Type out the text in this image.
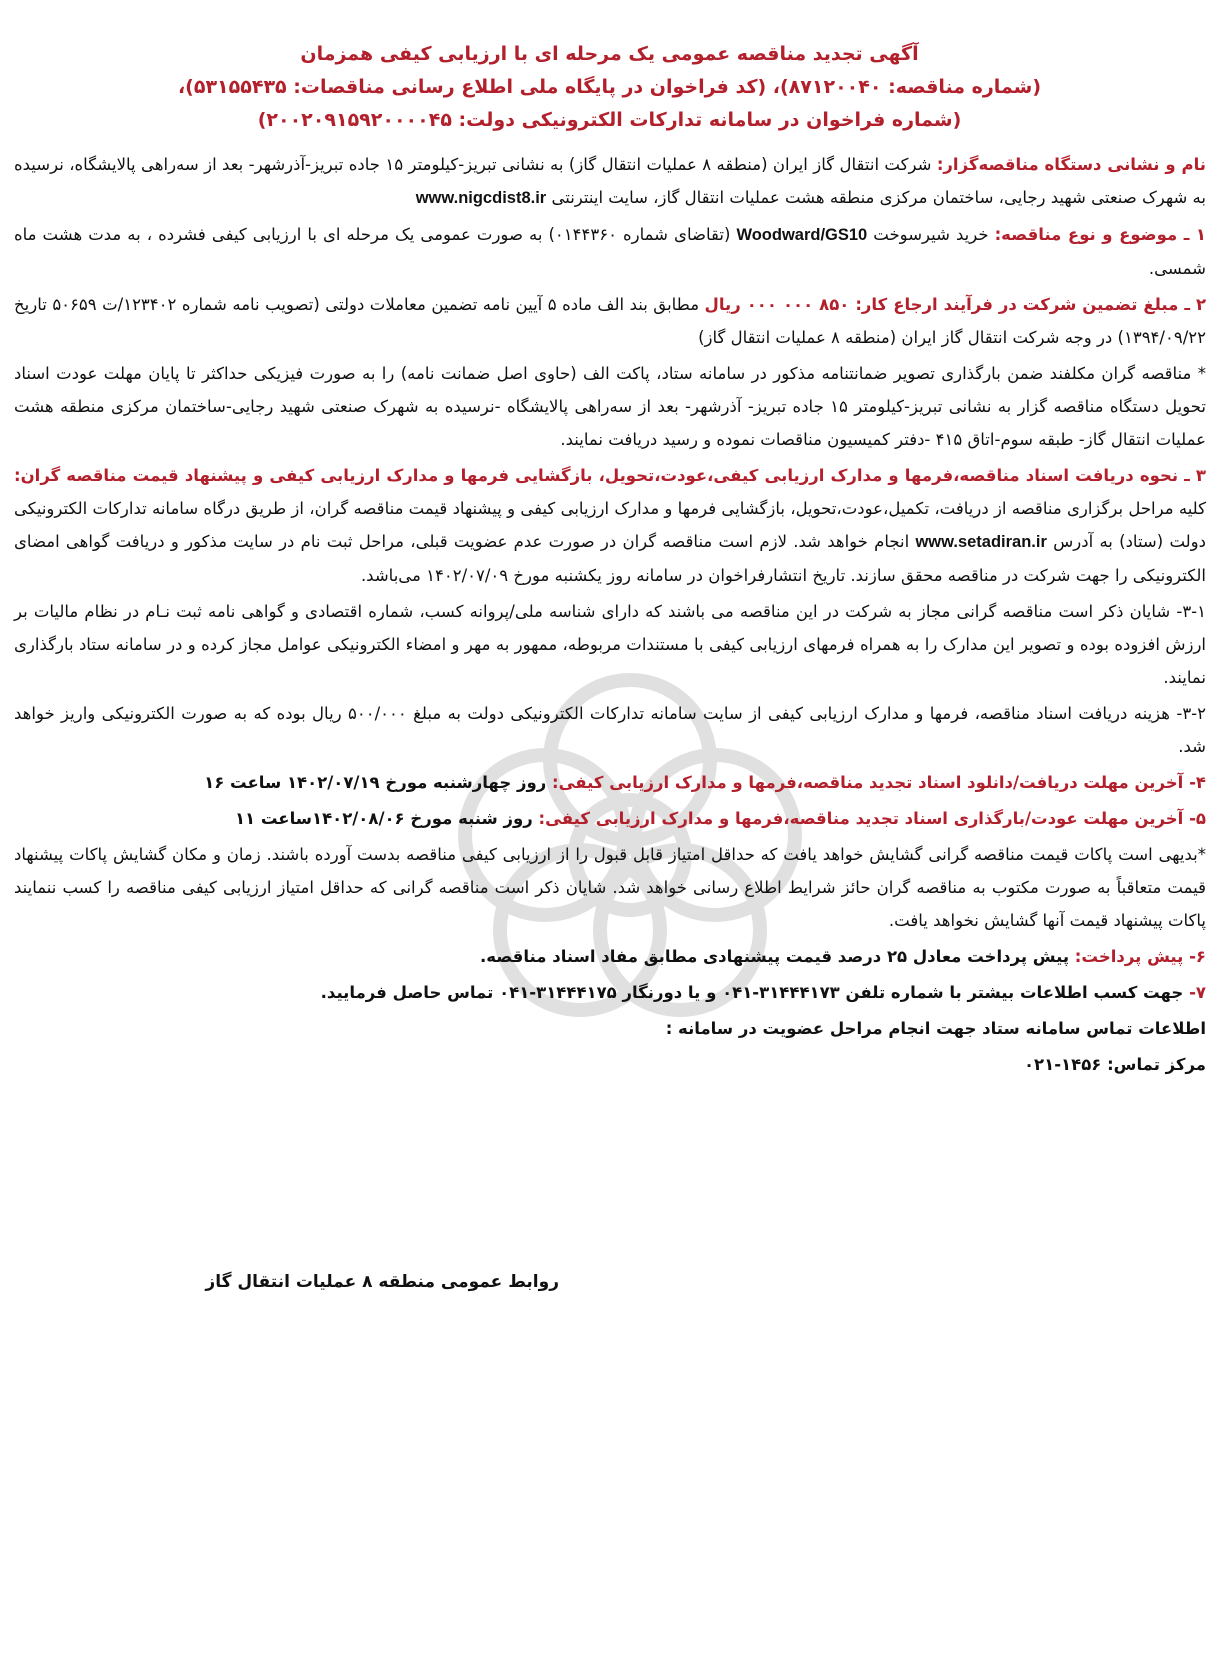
آگهی تجدید مناقصه عمومی یک مرحله ای با ارزیابی کیفی همزمان
(شماره مناقصه: ۸۷۱۲۰۰۴۰)، (کد فراخوان در پایگاه ملی اطلاع رسانی مناقصات: ۵۳۱۵۵۴۳۵)،
(شماره فراخوان در سامانه تدارکات الکترونیکی دولت: ۲۰۰۲۰۹۱۵۹۲۰۰۰۰۴۵)

نام و نشانی دستگاه مناقصه‌گزار: شرکت انتقال گاز ایران (منطقه ۸ عملیات انتقال گاز) به نشانی تبریز-کیلومتر ۱۵ جاده تبریز-آذرشهر- بعد از سه‌راهی پالایشگاه، نرسیده به شهرک صنعتی شهید رجایی، ساختمان مرکزی منطقه هشت عملیات انتقال گاز، سایت اینترنتی www.nigcdist8.ir

۱ ـ موضوع و نوع مناقصه: خرید شیرسوخت Woodward/GS10 (تقاضای شماره ۰۱۴۴۳۶۰) به صورت عمومی یک مرحله ای با ارزیابی کیفی فشرده ، به مدت هشت ماه شمسی.

۲ ـ مبلغ تضمین شرکت در فرآیند ارجاع کار: ۸۵۰ ۰۰۰ ۰۰۰ ریال مطابق بند الف ماده ۵ آیین نامه تضمین معاملات دولتی (تصویب نامه شماره ۱۲۳۴۰۲/ت ۵۰۶۵۹ تاریخ ۱۳۹۴/۰۹/۲۲) در وجه شرکت انتقال گاز ایران (منطقه ۸ عملیات انتقال گاز)

* مناقصه گران مکلفند ضمن بارگذاری تصویر ضمانتنامه مذکور در سامانه ستاد، پاکت الف (حاوی اصل ضمانت نامه) را به صورت فیزیکی حداکثر تا پایان مهلت عودت اسناد تحویل دستگاه مناقصه گزار به نشانی تبریز-کیلومتر ۱۵ جاده تبریز- آذرشهر- بعد از سه‌راهی پالایشگاه -نرسیده به شهرک صنعتی شهید رجایی-ساختمان مرکزی منطقه هشت عملیات انتقال گاز- طبقه سوم-اتاق ۴۱۵ -دفتر کمیسیون مناقصات نموده و رسید دریافت نمایند.

۳ ـ نحوه دریافت اسناد مناقصه،فرمها و مدارک ارزیابی کیفی،عودت،تحویل، بازگشایی فرمها و مدارک ارزیابی کیفی و پیشنهاد قیمت مناقصه گران: کلیه مراحل برگزاری مناقصه از دریافت، تکمیل،عودت،تحویل، بازگشایی فرمها و مدارک ارزیابی کیفی و پیشنهاد قیمت مناقصه گران، از طریق درگاه سامانه تدارکات الکترونیکی دولت (ستاد) به آدرس www.setadiran.ir انجام خواهد شد. لازم است مناقصه گران در صورت عدم عضویت قبلی، مراحل ثبت نام در سایت مذکور و دریافت گواهی امضای الکترونیکی را جهت شرکت در مناقصه محقق سازند. تاریخ انتشارفراخوان در سامانه روز یکشنبه مورخ ۱۴۰۲/۰۷/۰۹ می‌باشد.

۳-۱- شایان ذکر است مناقصه گرانی مجاز به شرکت در این مناقصه می باشند که دارای شناسه ملی/پروانه کسب، شماره اقتصادی و گواهی نامه ثبت نـام در نظام مالیات بر ارزش افزوده بوده و تصویر این مدارک را به همراه فرمهای ارزیابی کیفی با مستندات مربوطه، ممهور به مهر و امضاء الکترونیکی عوامل مجاز کرده و در سامانه ستاد بارگذاری نمایند.

۳-۲- هزینه دریافت اسناد مناقصه، فرمها و مدارک ارزیابی کیفی از سایت سامانه تدارکات الکترونیکی دولت به مبلغ ۵۰۰/۰۰۰ ریال بوده که به صورت الکترونیکی واریز خواهد شد.

۴- آخرین مهلت دریافت/دانلود اسناد تجدید مناقصه،فرمها و مدارک ارزیابی کیفی: روز چهارشنبه مورخ ۱۴۰۲/۰۷/۱۹ ساعت ۱۶

۵- آخرین مهلت عودت/بارگذاری اسناد تجدید مناقصه،فرمها و مدارک ارزیابی کیفی: روز شنبه مورخ ۱۴۰۲/۰۸/۰۶ساعت ۱۱

*بدیهی است پاکات قیمت مناقصه گرانی گشایش خواهد یافت که حداقل امتیاز قابل قبول را از ارزیابی کیفی مناقصه بدست آورده باشند. زمان و مکان گشایش پاکات پیشنهاد قیمت متعاقباً به صورت مکتوب به مناقصه گران حائز شرایط اطلاع رسانی خواهد شد. شایان ذکر است مناقصه گرانی که حداقل امتیاز ارزیابی کیفی مناقصه را کسب ننمایند پاکات پیشنهاد قیمت آنها گشایش نخواهد یافت.

۶- پیش پرداخت: پیش پرداخت معادل ۲۵ درصد قیمت پیشنهادی مطابق مفاد اسناد مناقصه.

۷- جهت کسب اطلاعات بیشتر با شماره تلفن ۳۱۴۴۴۱۷۳-۰۴۱ و یا دورنگار ۳۱۴۴۴۱۷۵-۰۴۱ تماس حاصل فرمایید.

اطلاعات تماس سامانه ستاد جهت انجام مراحل عضویت در سامانه :

مرکز تماس: ۱۴۵۶-۰۲۱

روابط عمومی منطقه ۸ عملیات انتقال گاز
